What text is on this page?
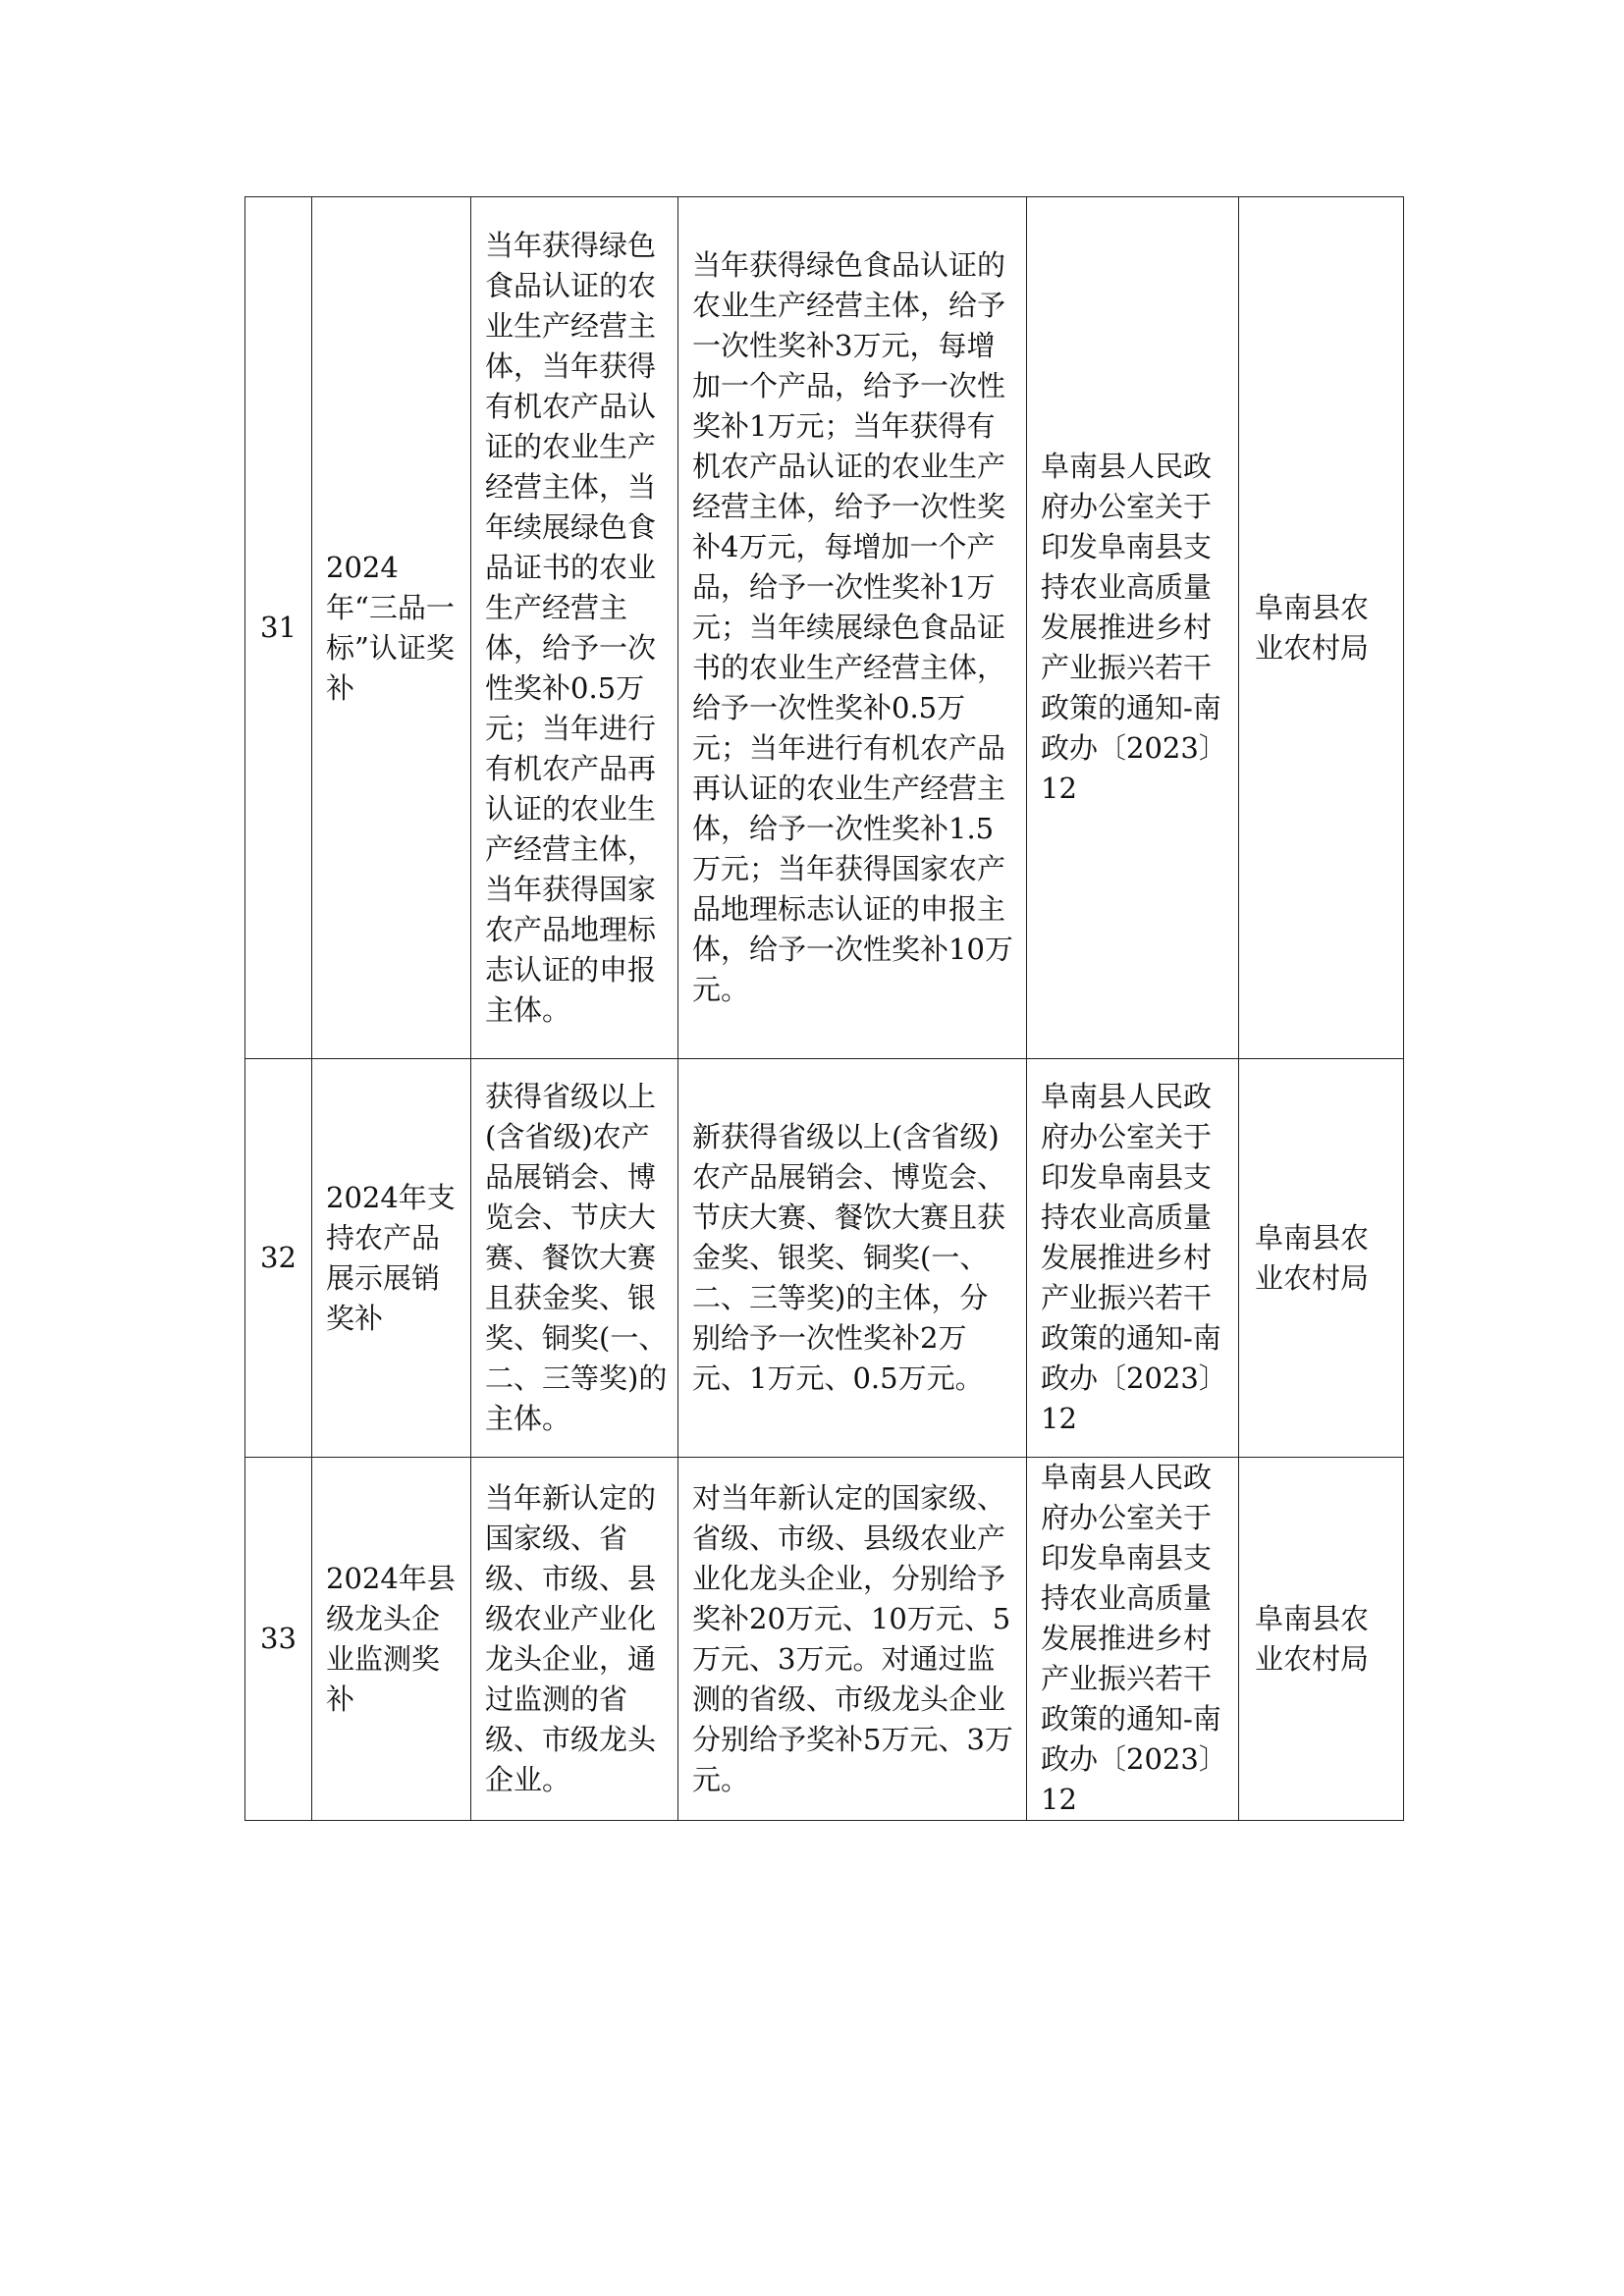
31	2024年“三品一标”认证奖补	当年获得绿色食品认证的农业生产经营主体，当年获得有机农产品认证的农业生产经营主体，当年续展绿色食品证书的农业生产经营主体，给予一次性奖补0.5万元；当年进行有机农产品再认证的农业生产经营主体，当年获得国家农产品地理标志认证的申报主体。	当年获得绿色食品认证的农业生产经营主体，给予一次性奖补3万元，每增加一个产品，给予一次性奖补1万元；当年获得有机农产品认证的农业生产经营主体，给予一次性奖补4万元，每增加一个产品，给予一次性奖补1万元；当年续展绿色食品证书的农业生产经营主体，给予一次性奖补0.5万元；当年进行有机农产品再认证的农业生产经营主体，给予一次性奖补1.5万元；当年获得国家农产品地理标志认证的申报主体，给予一次性奖补10万元。	阜南县人民政府办公室关于印发阜南县支持农业高质量发展推进乡村产业振兴若干政策的通知-南政办〔2023〕12	阜南县农业农村局
32	2024年支持农产品展示展销奖补	获得省级以上(含省级)农产品展销会、博览会、节庆大赛、餐饮大赛且获金奖、银奖、铜奖(一、二、三等奖)的主体。	新获得省级以上(含省级)农产品展销会、博览会、节庆大赛、餐饮大赛且获金奖、银奖、铜奖(一、二、三等奖)的主体，分别给予一次性奖补2万元、1万元、0.5万元。	阜南县人民政府办公室关于印发阜南县支持农业高质量发展推进乡村产业振兴若干政策的通知-南政办〔2023〕12	阜南县农业农村局
33	2024年县级龙头企业监测奖补	当年新认定的国家级、省级、市级、县级农业产业化龙头企业，通过监测的省级、市级龙头企业。	对当年新认定的国家级、省级、市级、县级农业产业化龙头企业，分别给予奖补20万元、10万元、5万元、3万元。对通过监测的省级、市级龙头企业分别给予奖补5万元、3万元。	阜南县人民政府办公室关于印发阜南县支持农业高质量发展推进乡村产业振兴若干政策的通知-南政办〔2023〕12	阜南县农业农村局
